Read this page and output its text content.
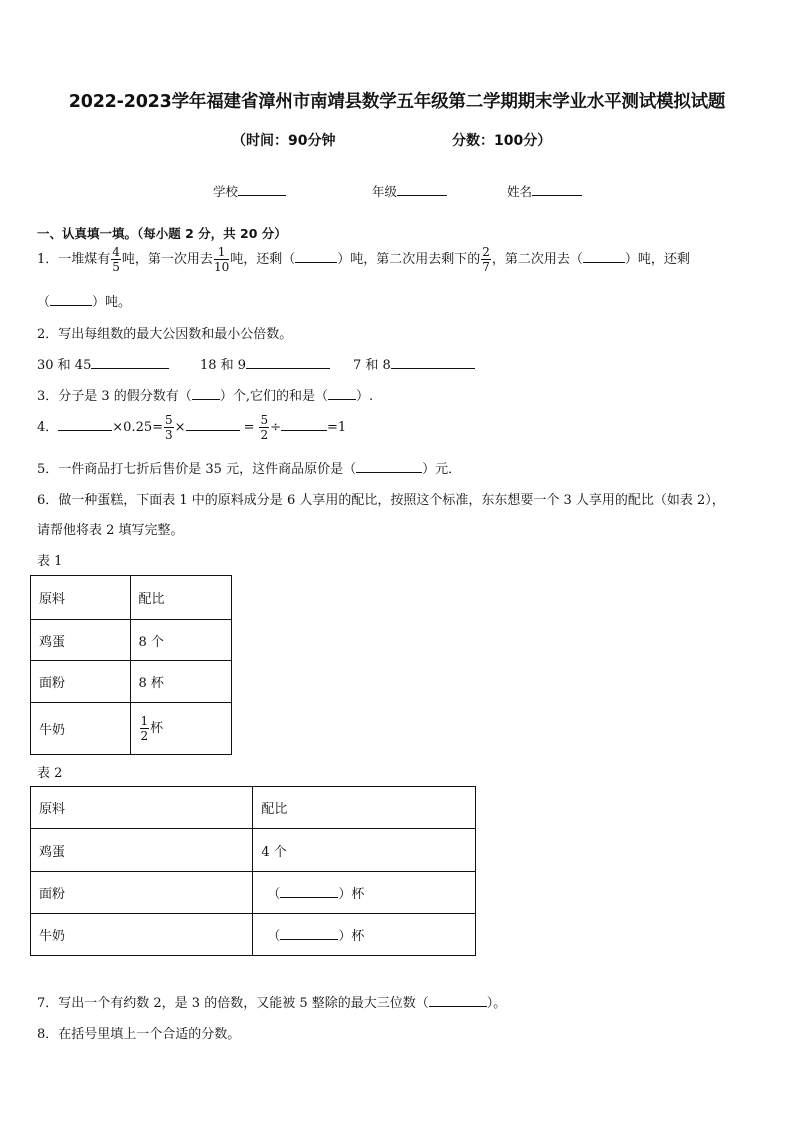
2022-2023学年福建省漳州市南靖县数学五年级第二学期期末学业水平测试模拟试题
（时间：90分钟	分数：100分）
学校	年级	姓名
一、认真填一填。（每小题 2 分，共 20 分）
1．一堆煤有 $\frac{4}{5}$ 吨，第一次用去 $\frac{1}{10}$ 吨，还剩（	）吨，第二次用去剩下的 $\frac{2}{7}$ ，第二次用去（	）吨，还剩
（	）吨。
2．写出每组数的最大公因数和最小公倍数。
30 和 45	18 和 9	7 和 8
3．分子是 3 的假分数有（ ）个,它们的和是（ ）.
4．	$\times 0.25= \frac{5}{3}$ ×	= $\frac{5}{2}$ ÷	=1
5．一件商品打七折后售价是 35 元，这件商品原价是（	）元．
6．做一种蛋糕，下面表 1 中的原料成分是 6 人享用的配比，按照这个标准，东东想要一个 3 人享用的配比（如表 2），
请帮他将表 2 填写完整。
表 1
原料	配比
鸡蛋	8 个
面粉	8 杯
牛奶	$\frac{1}{2}$ 杯
表 2
原料	配比
鸡蛋	4 个
面粉	（ ）杯
牛奶	（ ）杯
7．写出一个有约数 2，是 3 的倍数，又能被 5 整除的最大三位数（	）。
8．在括号里填上一个合适的分数。
